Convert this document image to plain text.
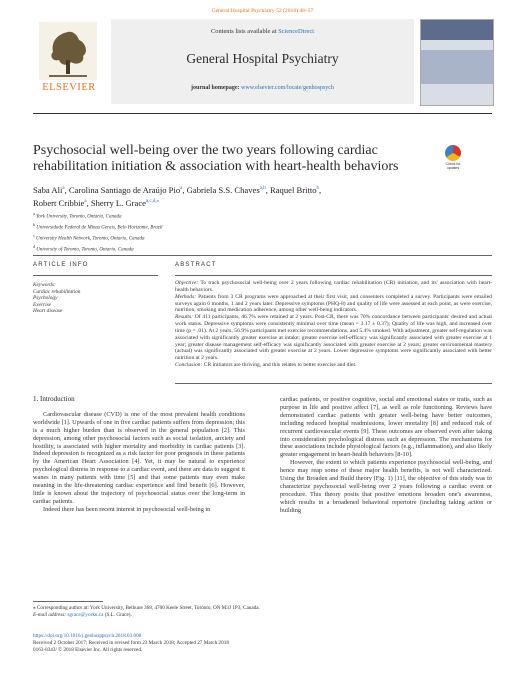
General Hospital Psychiatry 52 (2018) 48–57
ELSEVIER
Contents lists available at ScienceDirect
General Hospital Psychiatry
journal homepage: www.elsevier.com/locate/genhospsych
Psychosocial well-being over the two years following cardiac rehabilitation initiation & association with heart-health behaviors	Check for updates
Saba Ali$^a$, Carolina Santiago de Araújo Pio$^a$, Gabriela S.S. Chaves$^{a,b}$, Raquel Britto$^b$,
Robert Cribbie$^a$, Sherry L. Grace$^{a,c,d,⁎}$
$^a$ York University, Toronto, Ontario, Canada
$^b$ Universidade Federal de Minas Gerais, Belo Horizonte, Brazil
$^c$ University Health Network, Toronto, Ontario, Canada
$^d$ University of Toronto, Toronto, Ontario, Canada
ARTICLE INFO	ABSTRACT
Keywords:
Cardiac rehabilitation
Psychology
Exercise
Heart disease
Objective: To track psychosocial well-being over 2 years following cardiac rehabilitation (CR) initiation, and its' association with heart-health behaviors.
Methods: Patients from 3 CR programs were approached at their first visit, and consenters completed a survey. Participants were emailed surveys again 6 months, 1 and 2 years later. Depressive symptoms (PHQ-8) and quality of life were assessed at each point, as were exercise, nutrition, smoking and medication adherence, among other well-being indicators.
Results: Of 411 participants, 46.7% were retained at 2 years. Post-CR, there was 70% concordance between participants' desired and actual work status. Depressive symptoms were consistently minimal over time (mean = 3.17 ± 0.37); Quality of life was high, and increased over time (p = .01). At 2 years, 56.9% participants met exercise recommendations, and 5.4% smoked. With adjustment, greater self-regulation was associated with significantly greater exercise at intake; greater exercise self-efficacy was significantly associated with greater exercise at 1 year; greater disease management self-efficacy was significantly associated with greater exercise at 2 years; greater environmental mastery (actual) was significantly associated with greater exercise at 2 years. Lower depressive symptoms were significantly associated with better nutrition at 2 years.
Conclusion: CR initiators are thriving, and this relates to better exercise and diet.
1. Introduction

Cardiovascular disease (CVD) is one of the most prevalent health conditions worldwide [1]. Upwards of one in five cardiac patients suffers from depression; this is a much higher burden than is observed in the general population [2]. This depression, among other psychosocial factors such as social isolation, anxiety and hostility, is associated with higher mortality and morbidity in cardiac patients [3]. Indeed depression is recognized as a risk factor for poor prognosis in these patients by the American Heart Association [4]. Yet, it may be natural to experience psychological distress in response to a cardiac event, and there are data to suggest it wanes in many patients with time [5] and that some patients may even make meaning in the life-threatening cardiac experience and find benefit [6]. However, little is known about the trajectory of psychosocial status over the long-term in cardiac patients.

Indeed there has been recent interest in psychosocial well-being in

cardiac patients, or positive cognitive, social and emotional states or traits, such as purpose in life and positive affect [7], as well as role functioning. Reviews have demonstrated cardiac patients with greater well-being have better outcomes, including reduced hospital readmissions, lower mortality [8] and reduced risk of recurrent cardiovascular events [9]. These outcomes are observed even after taking into consideration psychological distress such as depression. The mechanisms for these associations include physiological factors (e.g., inflammation), and also likely greater engagement in heart-health behaviors [8-10].

However, the extent to which patients experience psychosocial well-being, and hence may reap some of these major health benefits, is not well characterized. Using the Broaden and Build theory (Fig. 1) [11], the objective of this study was to characterize psychosocial well-being over 2 years following a cardiac event or procedure. This theory posits that positive emotions broaden one's awareness, which results in a broadened behavioral repertoire (including taking action or building

⁎ Corresponding author at: York University, Bethune 368, 4700 Keele Street, Toronto, ON M3J 1P3, Canada.
E-mail address: sgrace@yorku.ca (S.L. Grace).
https://doi.org/10.1016/j.genhosppsych.2018.03.008
Received 2 October 2017; Received in revised form 23 March 2018; Accepted 27 March 2018
0163-8343/ © 2018 Elsevier Inc. All rights reserved.
